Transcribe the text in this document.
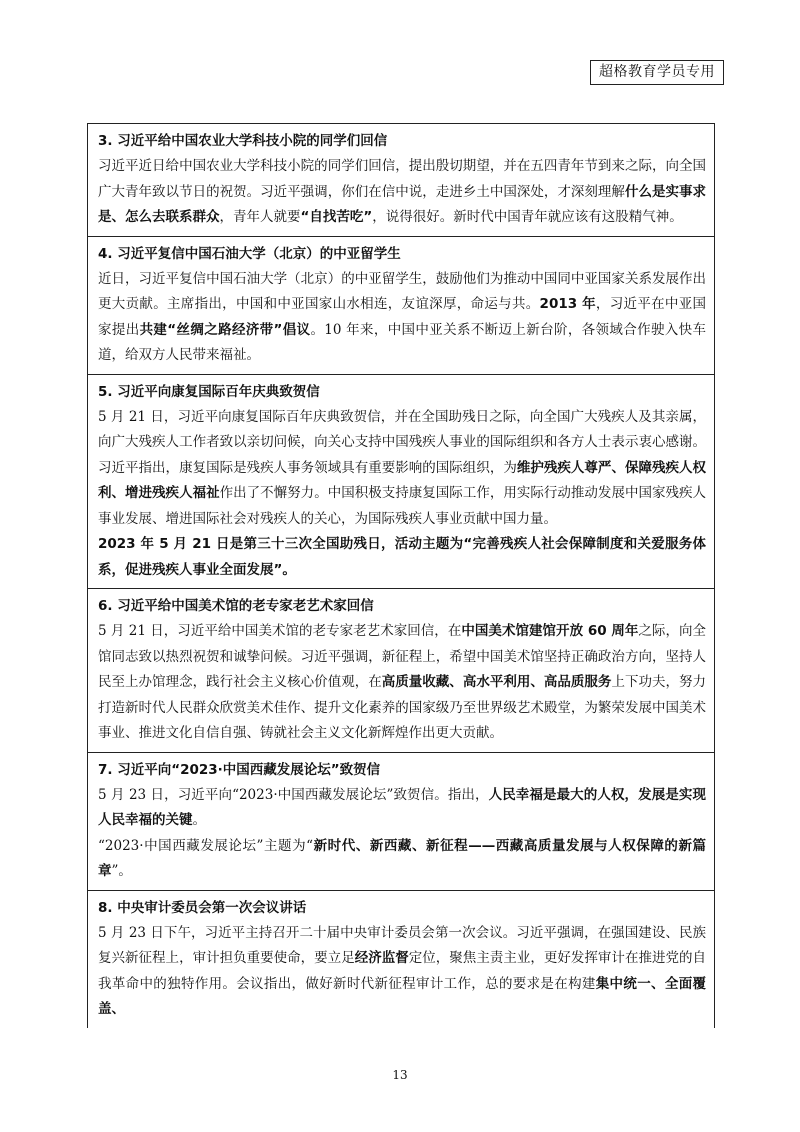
超格教育学员专用
3. 习近平给中国农业大学科技小院的同学们回信
习近平近日给中国农业大学科技小院的同学们回信，提出殷切期望，并在五四青年节到来之际，向全国广大青年致以节日的祝贺。习近平强调，你们在信中说，走进乡土中国深处，才深刻理解什么是实事求是、怎么去联系群众，青年人就要“自找苦吃”，说得很好。新时代中国青年就应该有这股精气神。
4. 习近平复信中国石油大学（北京）的中亚留学生
近日，习近平复信中国石油大学（北京）的中亚留学生，鼓励他们为推动中国同中亚国家关系发展作出更大贡献。主席指出，中国和中亚国家山水相连，友谊深厚，命运与共。2013 年，习近平在中亚国家提出共建“丝绸之路经济带”倡议。10 年来，中国中亚关系不断迈上新台阶，各领域合作驶入快车道，给双方人民带来福祉。
5. 习近平向康复国际百年庆典致贺信
5 月 21 日，习近平向康复国际百年庆典致贺信，并在全国助残日之际，向全国广大残疾人及其亲属，向广大残疾人工作者致以亲切问候，向关心支持中国残疾人事业的国际组织和各方人士表示衷心感谢。习近平指出，康复国际是残疾人事务领域具有重要影响的国际组织，为维护残疾人尊严、保障残疾人权利、增进残疾人福祉作出了不懈努力。中国积极支持康复国际工作，用实际行动推动发展中国家残疾人事业发展、增进国际社会对残疾人的关心，为国际残疾人事业贡献中国力量。
2023 年 5 月 21 日是第三十三次全国助残日，活动主题为“完善残疾人社会保障制度和关爱服务体系，促进残疾人事业全面发展”。
6. 习近平给中国美术馆的老专家老艺术家回信
5 月 21 日，习近平给中国美术馆的老专家老艺术家回信，在中国美术馆建馆开放 60 周年之际，向全馆同志致以热烈祝贺和诚挚问候。习近平强调，新征程上，希望中国美术馆坚持正确政治方向，坚持人民至上办馆理念，践行社会主义核心价值观，在高质量收藏、高水平利用、高品质服务上下功夫，努力打造新时代人民群众欣赏美术佳作、提升文化素养的国家级乃至世界级艺术殿堂，为繁荣发展中国美术事业、推进文化自信自强、铸就社会主义文化新辉煌作出更大贡献。
7. 习近平向“2023·中国西藏发展论坛”致贺信
5 月 23 日，习近平向“2023·中国西藏发展论坛”致贺信。指出，人民幸福是最大的人权，发展是实现人民幸福的关键。
“2023·中国西藏发展论坛”主题为“新时代、新西藏、新征程——西藏高质量发展与人权保障的新篇章”。
8. 中央审计委员会第一次会议讲话
5 月 23 日下午，习近平主持召开二十届中央审计委员会第一次会议。习近平强调，在强国建设、民族复兴新征程上，审计担负重要使命，要立足经济监督定位，聚焦主责主业，更好发挥审计在推进党的自我革命中的独特作用。会议指出，做好新时代新征程审计工作，总的要求是在构建集中统一、全面覆盖、
13
